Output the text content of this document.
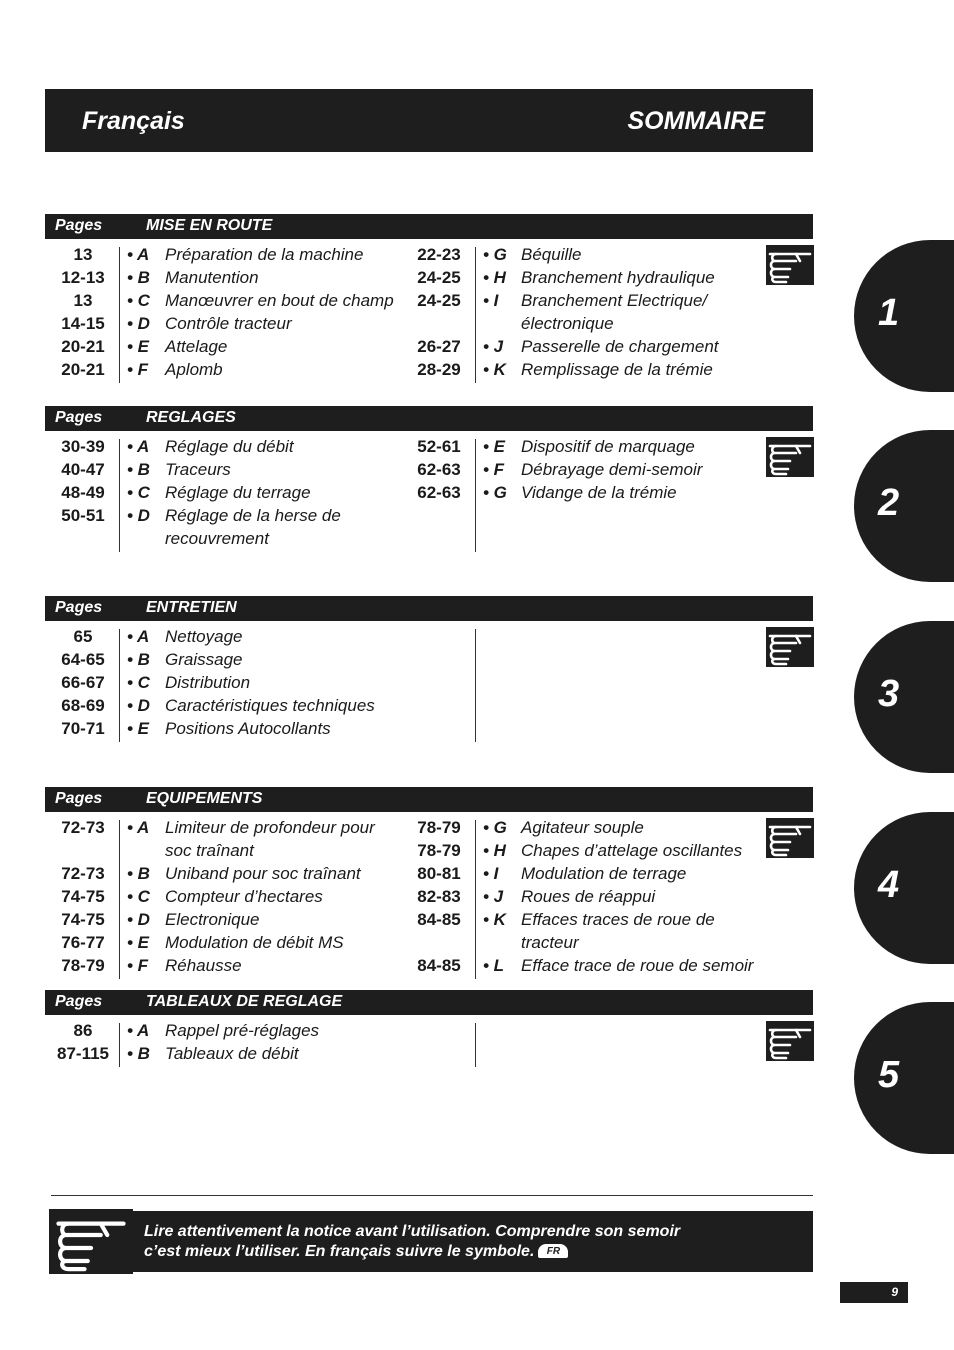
Français	SOMMAIRE
Pages	MISE EN ROUTE
13	• A Préparation de la machine
12-13	• B Manutention
13	• C Manœuvrer en bout de champ
14-15	• D Contrôle tracteur
20-21	• E Attelage
20-21	• F Aplomb
22-23	• G Béquille
24-25	• H Branchement hydraulique
24-25	• I Branchement Electrique/
électronique
26-27	• J Passerelle de chargement
28-29	• K Remplissage de la trémie
Pages	REGLAGES
30-39	• A Réglage du débit
40-47	• B Traceurs
48-49	• C Réglage du terrage
50-51	• D Réglage de la herse de
recouvrement
52-61	• E Dispositif de marquage
62-63	• F Débrayage demi-semoir
62-63	• G Vidange de la trémie
Pages	ENTRETIEN
65	• A Nettoyage
64-65	• B Graissage
66-67	• C Distribution
68-69	• D Caractéristiques techniques
70-71	• E Positions Autocollants
Pages	EQUIPEMENTS
72-73	• A Limiteur de profondeur pour
soc traînant
72-73	• B Uniband pour soc traînant
74-75	• C Compteur d’hectares
74-75	• D Electronique
76-77	• E Modulation de débit MS
78-79	• F Réhausse
78-79	• G Agitateur souple
78-79	• H Chapes d’attelage oscillantes
80-81	• I Modulation de terrage
82-83	• J Roues de réappui
84-85	• K Effaces traces de roue de
tracteur
84-85	• L Efface trace de roue de semoir
Pages	TABLEAUX DE REGLAGE
86	• A Rappel pré-réglages
87-115	• B Tableaux de débit
1
2
3
4
5
Lire attentivement la notice avant l’utilisation. Comprendre son semoir
c’est mieux l’utiliser. En français suivre le symbole. FR
9
